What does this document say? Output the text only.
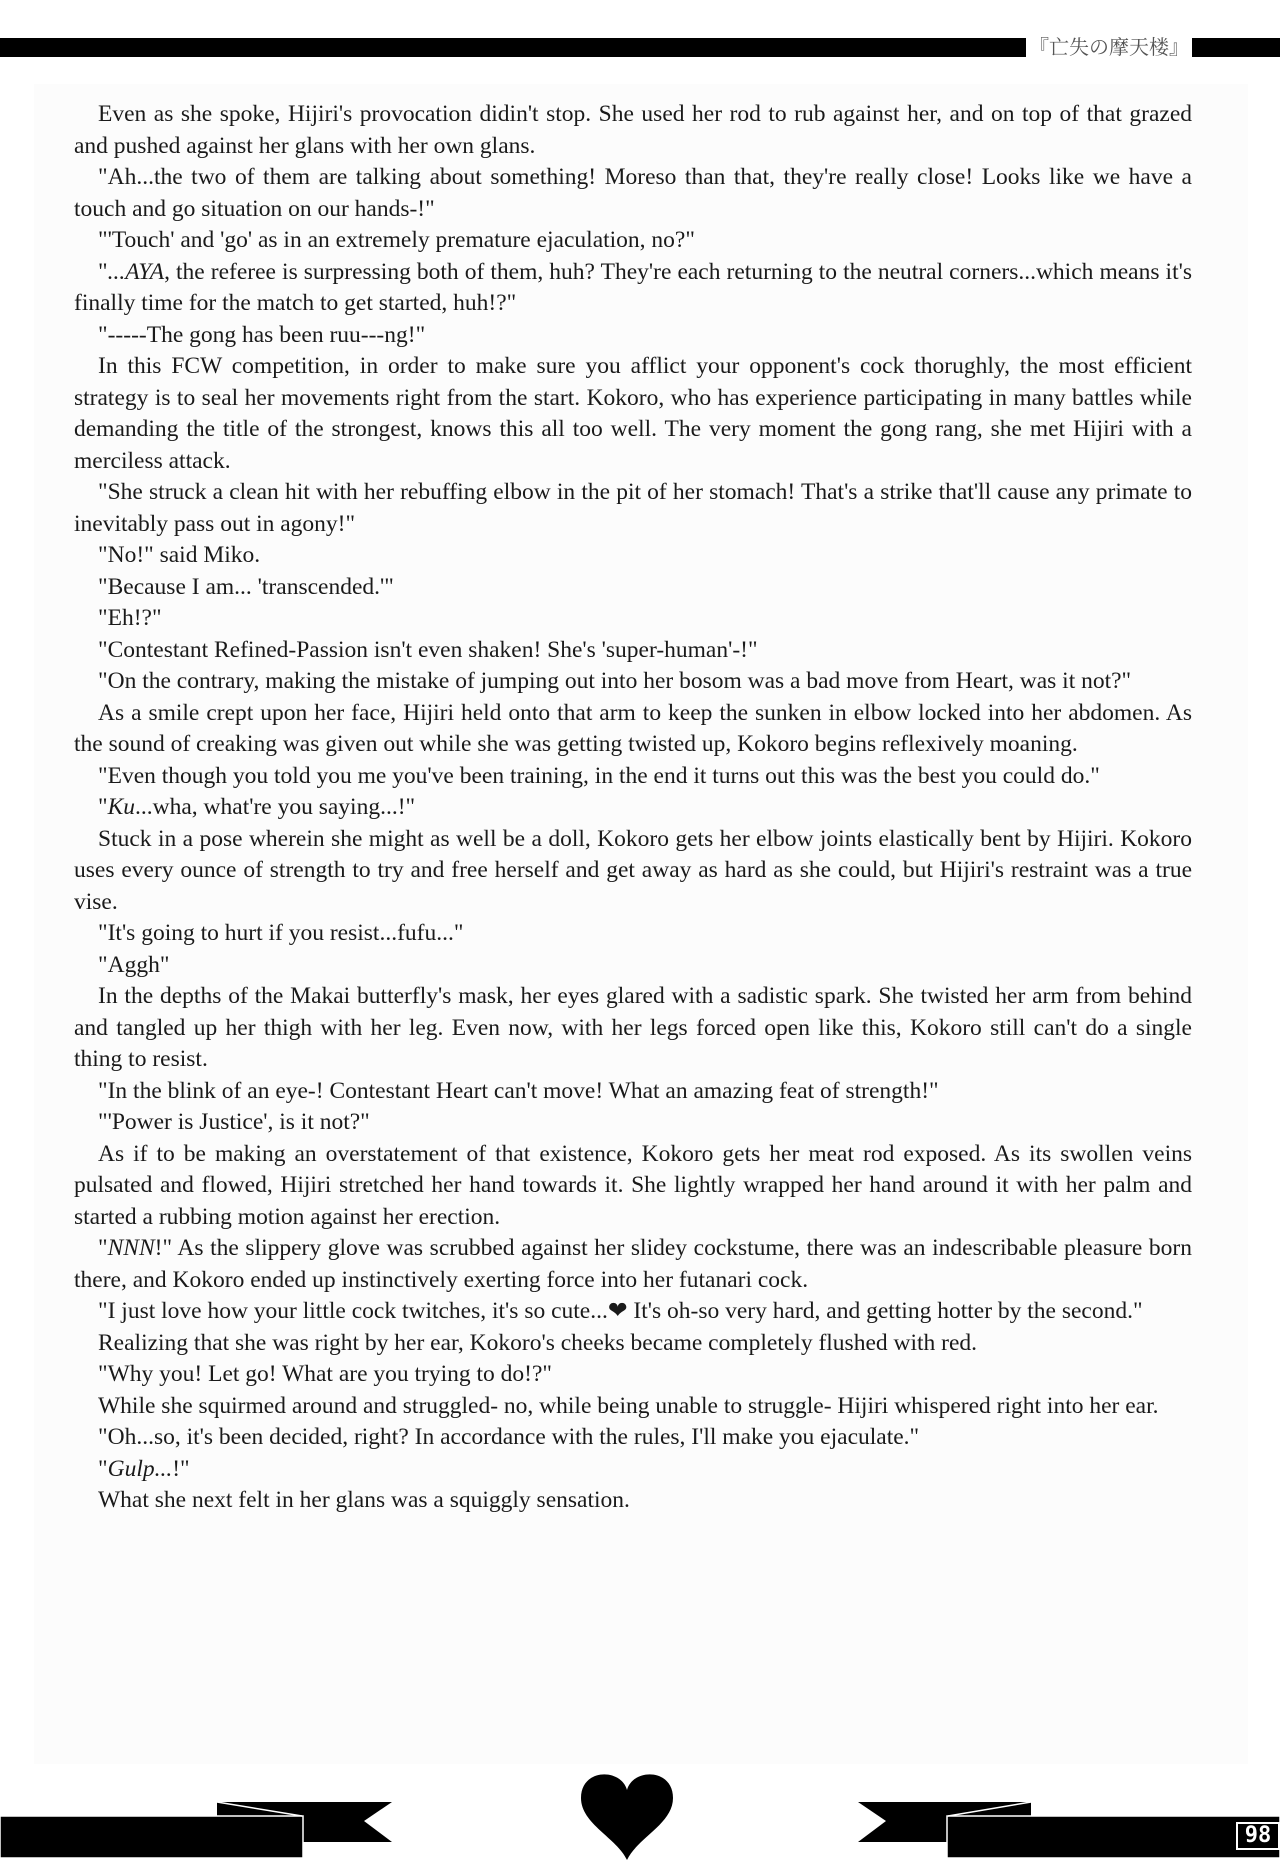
『亡失の摩天楼』

Even as she spoke, Hijiri's provocation didin't stop. She used her rod to rub against her, and on top of that grazed and pushed against her glans with her own glans.

"Ah...the two of them are talking about something! Moreso than that, they're really close! Looks like we have a touch and go situation on our hands-!"

"'Touch' and 'go' as in an extremely premature ejaculation, no?"

"...AYA, the referee is surpressing both of them, huh? They're each returning to the neutral corners...which means it's finally time for the match to get started, huh!?"

"-----The gong has been ruu---ng!"

In this FCW competition, in order to make sure you afflict your opponent's cock thorughly, the most efficient strategy is to seal her movements right from the start. Kokoro, who has experience participating in many battles while demanding the title of the strongest, knows this all too well. The very moment the gong rang, she met Hijiri with a merciless attack.

"She struck a clean hit with her rebuffing elbow in the pit of her stomach! That's a strike that'll cause any primate to inevitably pass out in agony!"

"No!" said Miko.

"Because I am... 'transcended.'"

"Eh!?"

"Contestant Refined-Passion isn't even shaken! She's 'super-human'-!"

"On the contrary, making the mistake of jumping out into her bosom was a bad move from Heart, was it not?"

As a smile crept upon her face, Hijiri held onto that arm to keep the sunken in elbow locked into her abdomen. As the sound of creaking was given out while she was getting twisted up, Kokoro begins reflexively moaning.

"Even though you told you me you've been training, in the end it turns out this was the best you could do."

"Ku...wha, what're you saying...!"

Stuck in a pose wherein she might as well be a doll, Kokoro gets her elbow joints elastically bent by Hijiri. Kokoro uses every ounce of strength to try and free herself and get away as hard as she could, but Hijiri's restraint was a true vise.

"It's going to hurt if you resist...fufu..."

"Aggh"

In the depths of the Makai butterfly's mask, her eyes glared with a sadistic spark. She twisted her arm from behind and tangled up her thigh with her leg. Even now, with her legs forced open like this, Kokoro still can't do a single thing to resist.

"In the blink of an eye-! Contestant Heart can't move! What an amazing feat of strength!"

"'Power is Justice', is it not?"

As if to be making an overstatement of that existence, Kokoro gets her meat rod exposed. As its swollen veins pulsated and flowed, Hijiri stretched her hand towards it. She lightly wrapped her hand around it with her palm and started a rubbing motion against her erection.

"NNN!" As the slippery glove was scrubbed against her slidey cockstume, there was an indescribable pleasure born there, and Kokoro ended up instinctively exerting force into her futanari cock.

"I just love how your little cock twitches, it's so cute...❤ It's oh-so very hard, and getting hotter by the second."

Realizing that she was right by her ear, Kokoro's cheeks became completely flushed with red.

"Why you! Let go! What are you trying to do!?"

While she squirmed around and struggled- no, while being unable to struggle- Hijiri whispered right into her ear.

"Oh...so, it's been decided, right? In accordance with the rules, I'll make you ejaculate."

"Gulp...!"

What she next felt in her glans was a squiggly sensation.

98
